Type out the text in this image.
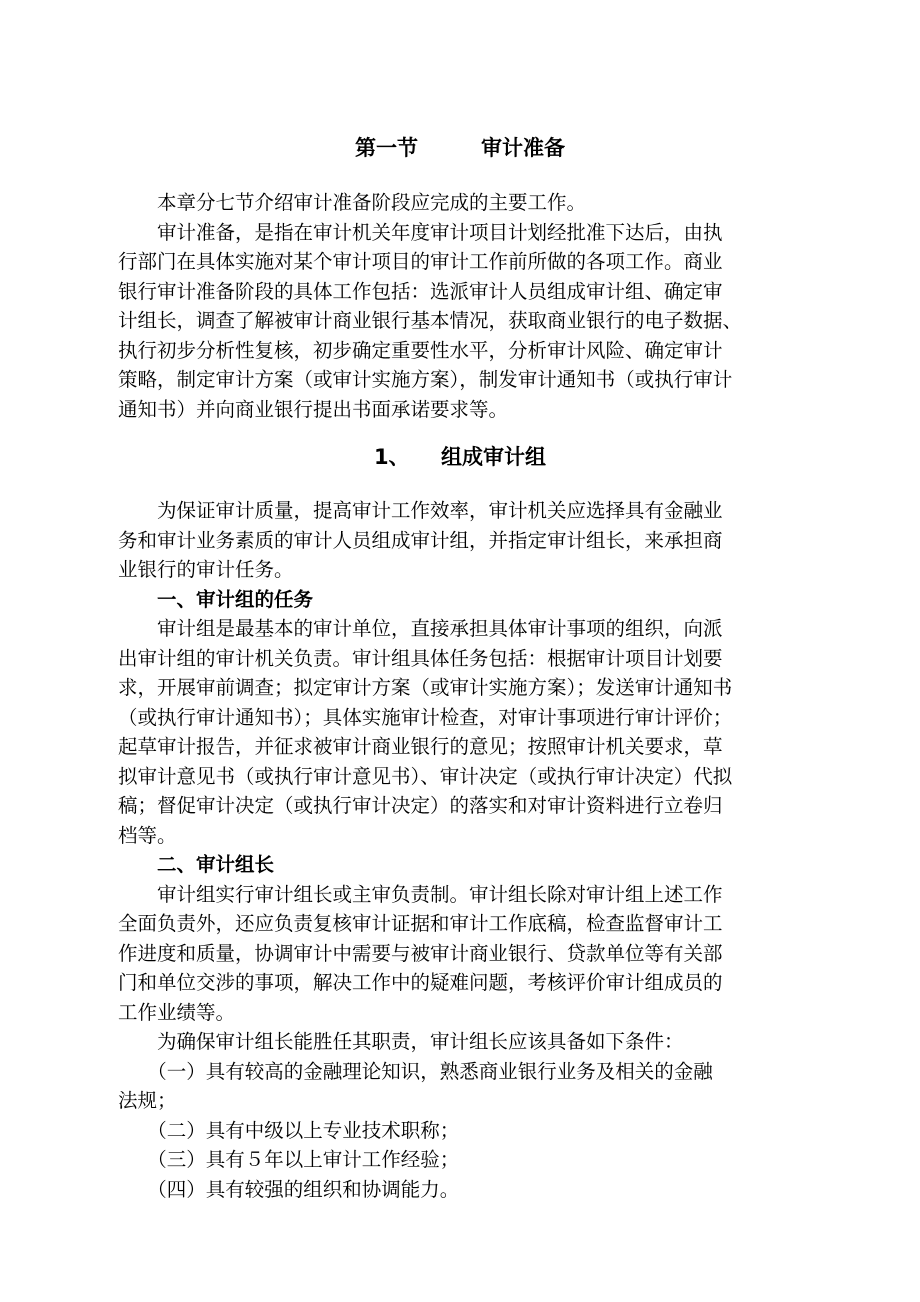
第一节　　　审计准备
　　本章分七节介绍审计准备阶段应完成的主要工作。
　　审计准备，是指在审计机关年度审计项目计划经批准下达后，由执
行部门在具体实施对某个审计项目的审计工作前所做的各项工作。商业
银行审计准备阶段的具体工作包括：选派审计人员组成审计组、确定审
计组长，调查了解被审计商业银行基本情况，获取商业银行的电子数据、
执行初步分析性复核，初步确定重要性水平，分析审计风险、确定审计
策略，制定审计方案（或审计实施方案），制发审计通知书（或执行审计
通知书）并向商业银行提出书面承诺要求等。
1、　　组成审计组
　　为保证审计质量，提高审计工作效率，审计机关应选择具有金融业
务和审计业务素质的审计人员组成审计组，并指定审计组长，来承担商
业银行的审计任务。
　　一、审计组的任务
　　审计组是最基本的审计单位，直接承担具体审计事项的组织，向派
出审计组的审计机关负责。审计组具体任务包括：根据审计项目计划要
求，开展审前调查；拟定审计方案（或审计实施方案）；发送审计通知书
（或执行审计通知书）；具体实施审计检查，对审计事项进行审计评价；
起草审计报告，并征求被审计商业银行的意见；按照审计机关要求，草
拟审计意见书（或执行审计意见书）、审计决定（或执行审计决定）代拟
稿；督促审计决定（或执行审计决定）的落实和对审计资料进行立卷归
档等。
　　二、审计组长
　　审计组实行审计组长或主审负责制。审计组长除对审计组上述工作
全面负责外，还应负责复核审计证据和审计工作底稿，检查监督审计工
作进度和质量，协调审计中需要与被审计商业银行、贷款单位等有关部
门和单位交涉的事项，解决工作中的疑难问题，考核评价审计组成员的
工作业绩等。
　　为确保审计组长能胜任其职责，审计组长应该具备如下条件：
　　（一）具有较高的金融理论知识，熟悉商业银行业务及相关的金融
法规；
　　（二）具有中级以上专业技术职称；
　　（三）具有５年以上审计工作经验；
　　（四）具有较强的组织和协调能力。
